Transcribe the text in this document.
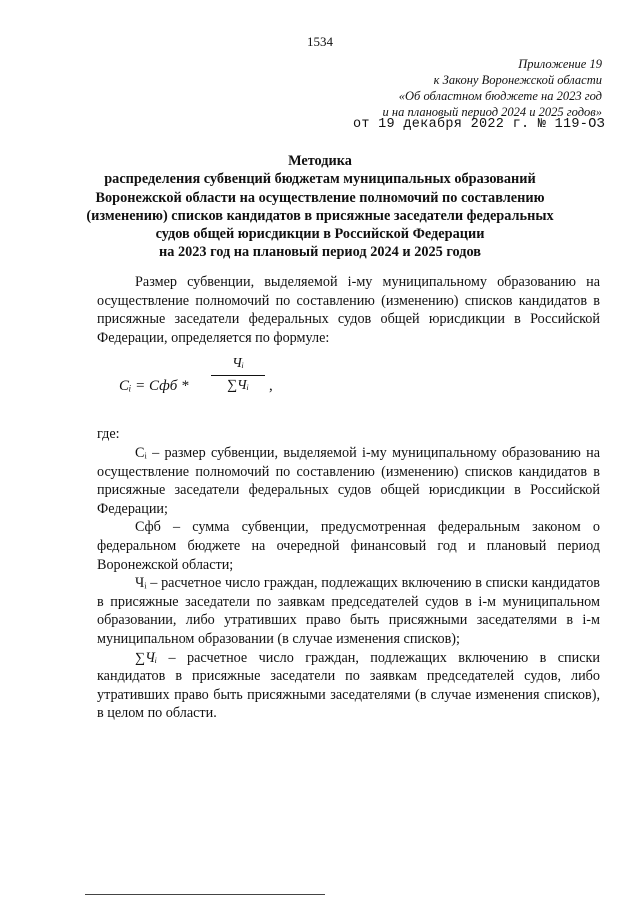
1534
Приложение 19
к Закону Воронежской области
«Об областном бюджете на 2023 год
и на плановый период 2024 и 2025 годов»
от 19 декабря 2022 г. № 119-ОЗ
Методика
распределения субвенций бюджетам муниципальных образований
Воронежской области на осуществление полномочий по составлению
(изменению) списков кандидатов в присяжные заседатели федеральных
судов общей юрисдикции в Российской Федерации
на 2023 год на плановый период 2024 и 2025 годов

Размер субвенции, выделяемой i-му муниципальному образованию на осуществление полномочий по составлению (изменению) списков кандидатов в присяжные заседатели федеральных судов общей юрисдикции в Российской Федерации, определяется по формуле:

Cᵢ = Сфб *
Чᵢ
∑Чᵢ	,

где:

Cᵢ – размер субвенции, выделяемой i-му муниципальному образованию на осуществление полномочий по составлению (изменению) списков кандидатов в присяжные заседатели федеральных судов общей юрисдикции в Российской Федерации;

Сфб – сумма субвенции, предусмотренная федеральным законом о федеральном бюджете на очередной финансовый год и плановый период Воронежской области;

Чᵢ – расчетное число граждан, подлежащих включению в списки кандидатов в присяжные заседатели по заявкам председателей судов в i-м муниципальном образовании, либо утративших право быть присяжными заседателями в i-м муниципальном образовании (в случае изменения списков);

∑Чᵢ – расчетное число граждан, подлежащих включению в списки кандидатов в присяжные заседатели по заявкам председателей судов, либо утративших право быть присяжными заседателями (в случае изменения списков), в целом по области.
